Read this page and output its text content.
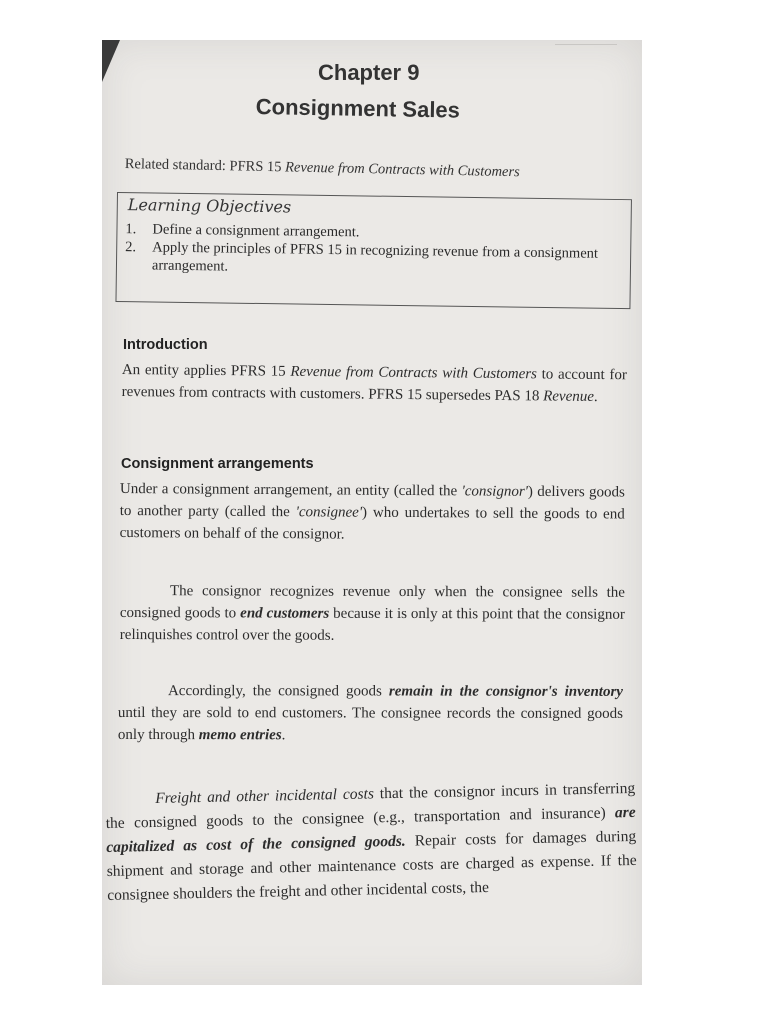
Chapter 9
Consignment Sales
Related standard: PFRS 15 Revenue from Contracts with Customers
Learning Objectives
1.	Define a consignment arrangement.
2.	Apply the principles of PFRS 15 in recognizing revenue from a consignment arrangement.
Introduction
An entity applies PFRS 15 Revenue from Contracts with Customers to account for revenues from contracts with customers. PFRS 15 supersedes PAS 18 Revenue.
Consignment arrangements
Under a consignment arrangement, an entity (called the 'consignor') delivers goods to another party (called the 'consignee') who undertakes to sell the goods to end customers on behalf of the consignor.
The consignor recognizes revenue only when the consignee sells the consigned goods to end customers because it is only at this point that the consignor relinquishes control over the goods.
Accordingly, the consigned goods remain in the consignor's inventory until they are sold to end customers. The consignee records the consigned goods only through memo entries.
Freight and other incidental costs that the consignor incurs in transferring the consigned goods to the consignee (e.g., transportation and insurance) are capitalized as cost of the consigned goods. Repair costs for damages during shipment and storage and other maintenance costs are charged as expense. If the consignee shoulders the freight and other incidental costs, the
